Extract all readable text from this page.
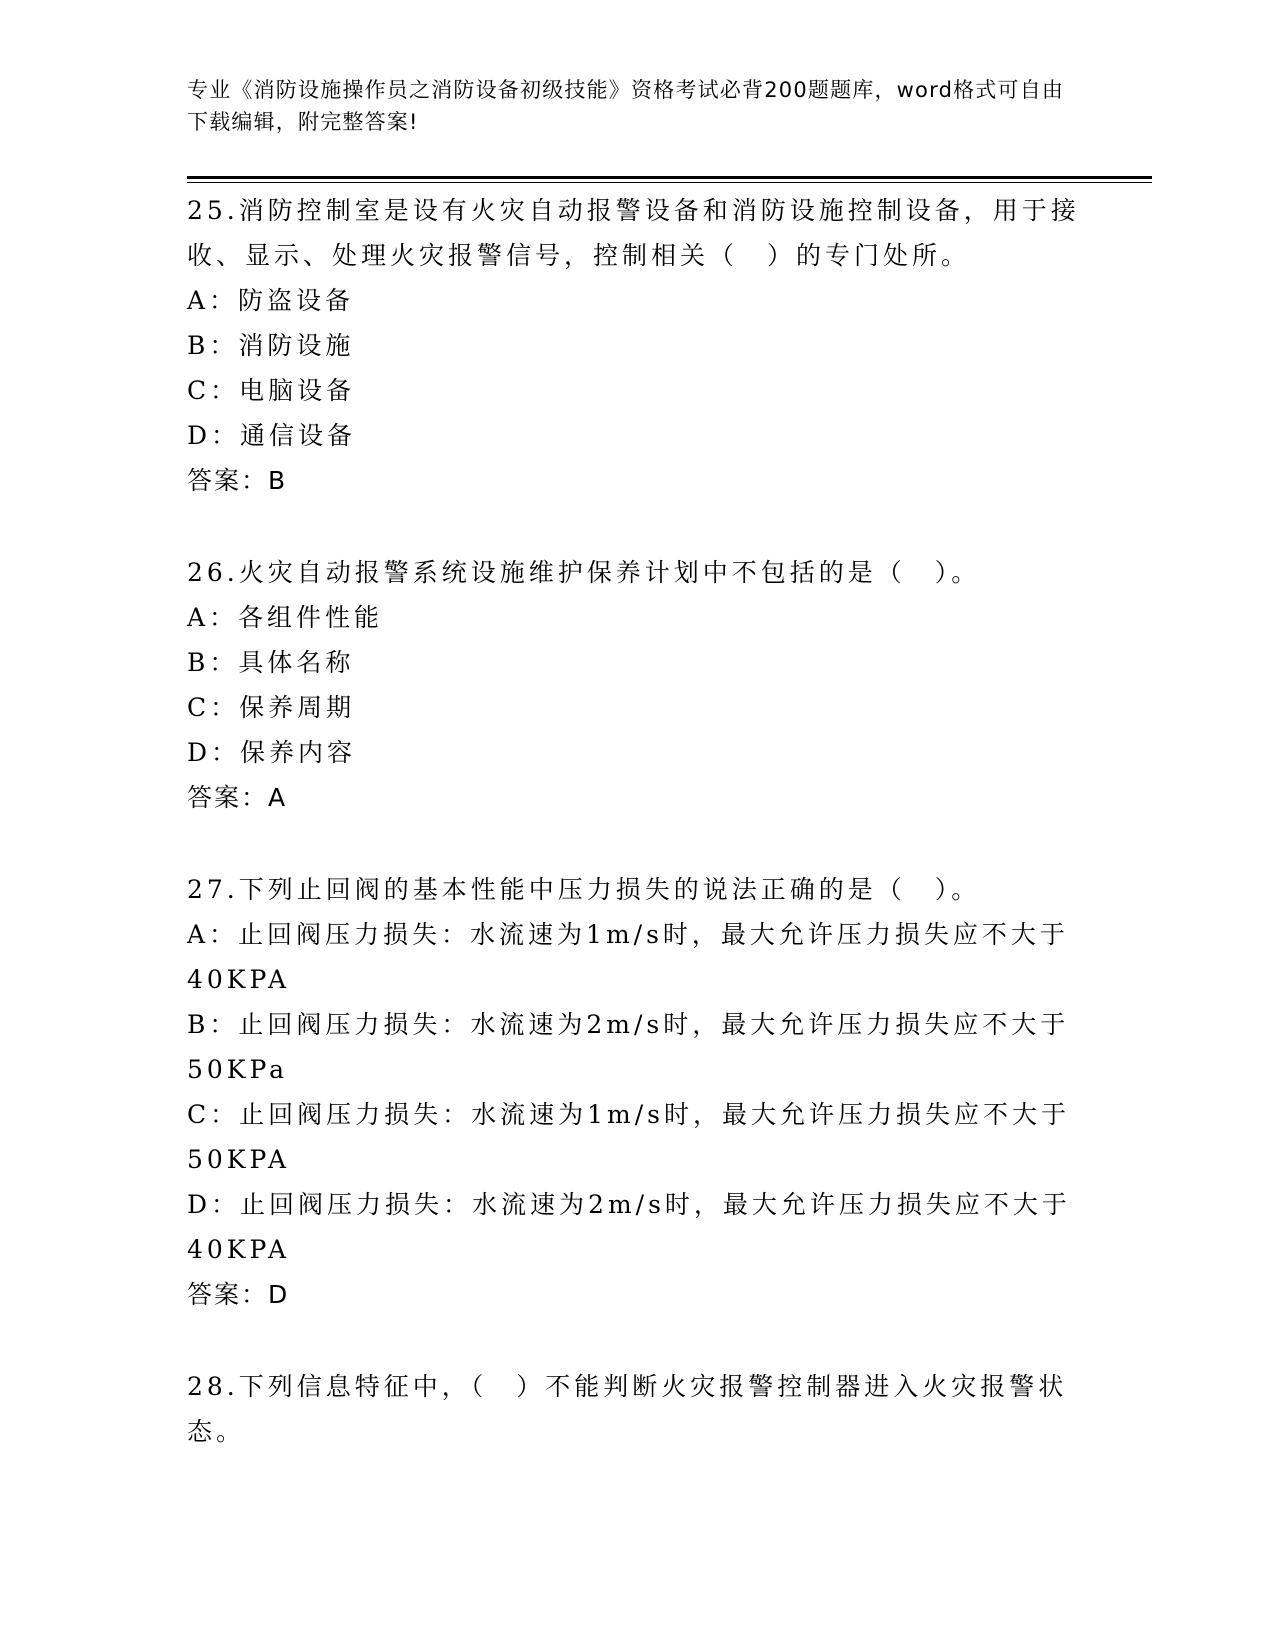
专业《消防设施操作员之消防设备初级技能》资格考试必背200题题库，word格式可自由下载编辑，附完整答案!

25.消防控制室是设有火灾自动报警设备和消防设施控制设备，用于接收、显示、处理火灾报警信号，控制相关（　）的专门处所。

A：防盗设备

B：消防设施

C：电脑设备

D：通信设备

答案：B

26.火灾自动报警系统设施维护保养计划中不包括的是（　）。

A：各组件性能

B：具体名称

C：保养周期

D：保养内容

答案：A

27.下列止回阀的基本性能中压力损失的说法正确的是（　）。

A：止回阀压力损失：水流速为1m/s时，最大允许压力损失应不大于40KPA

B：止回阀压力损失：水流速为2m/s时，最大允许压力损失应不大于50KPa

C：止回阀压力损失：水流速为1m/s时，最大允许压力损失应不大于50KPA

D：止回阀压力损失：水流速为2m/s时，最大允许压力损失应不大于40KPA

答案：D

28.下列信息特征中，（　）不能判断火灾报警控制器进入火灾报警状态。
